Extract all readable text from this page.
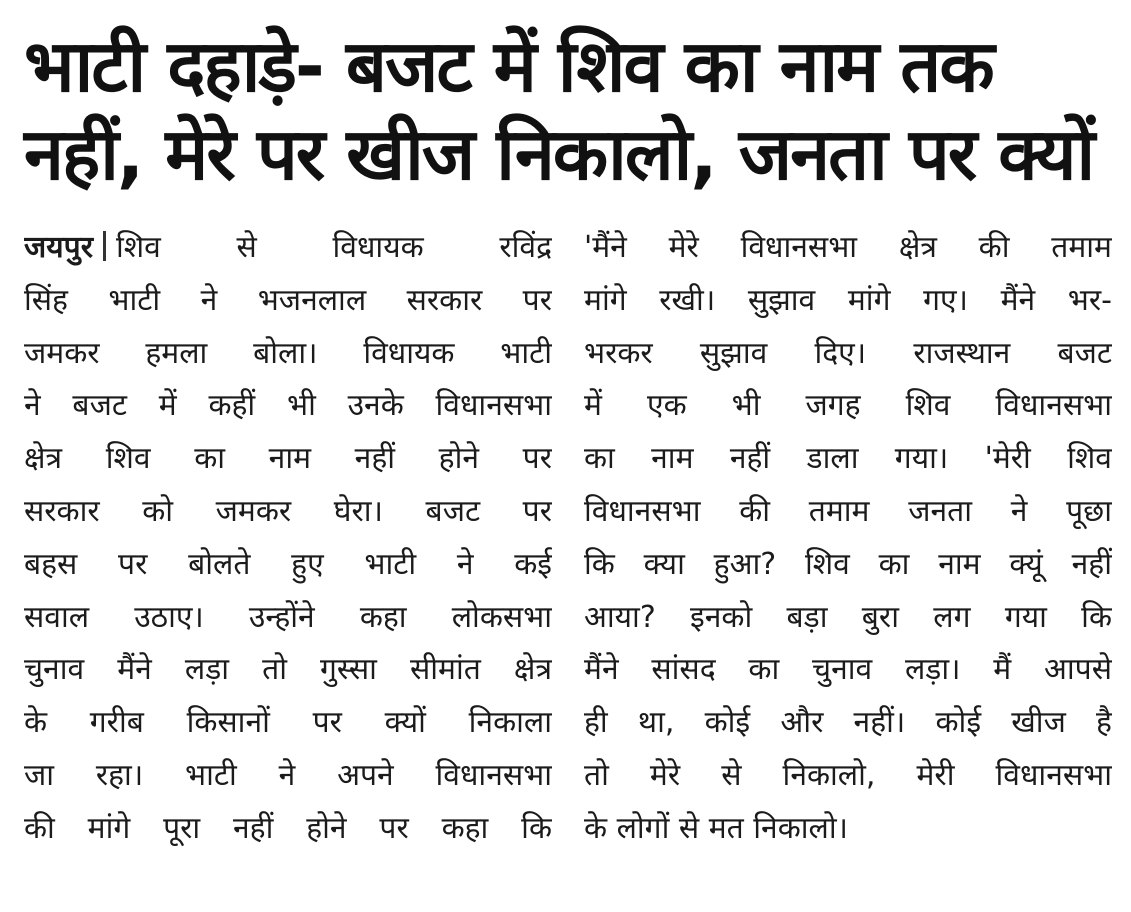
भाटी दहाड़े- बजट में शिव का नाम तक
नहीं, मेरे पर खीज निकालो, जनता पर क्यों
जयपुर शिव से विधायक रविंद्र
सिंह भाटी ने भजनलाल सरकार पर
जमकर हमला बोला। विधायक भाटी
ने बजट में कहीं भी उनके विधानसभा
क्षेत्र शिव का नाम नहीं होने पर
सरकार को जमकर घेरा। बजट पर
बहस पर बोलते हुए भाटी ने कई
सवाल उठाए। उन्होंने कहा लोकसभा
चुनाव मैंने लड़ा तो गुस्सा सीमांत क्षेत्र
के गरीब किसानों पर क्यों निकाला
जा रहा। भाटी ने अपने विधानसभा
की मांगे पूरा नहीं होने पर कहा कि
'मैंने मेरे विधानसभा क्षेत्र की तमाम
मांगे रखी। सुझाव मांगे गए। मैंने भर-
भरकर सुझाव दिए। राजस्थान बजट
में एक भी जगह शिव विधानसभा
का नाम नहीं डाला गया। 'मेरी शिव
विधानसभा की तमाम जनता ने पूछा
कि क्या हुआ? शिव का नाम क्यूं नहीं
आया? इनको बड़ा बुरा लग गया कि
मैंने सांसद का चुनाव लड़ा। मैं आपसे
ही था, कोई और नहीं। कोई खीज है
तो मेरे से निकालो, मेरी विधानसभा
के लोगों से मत निकालो।
